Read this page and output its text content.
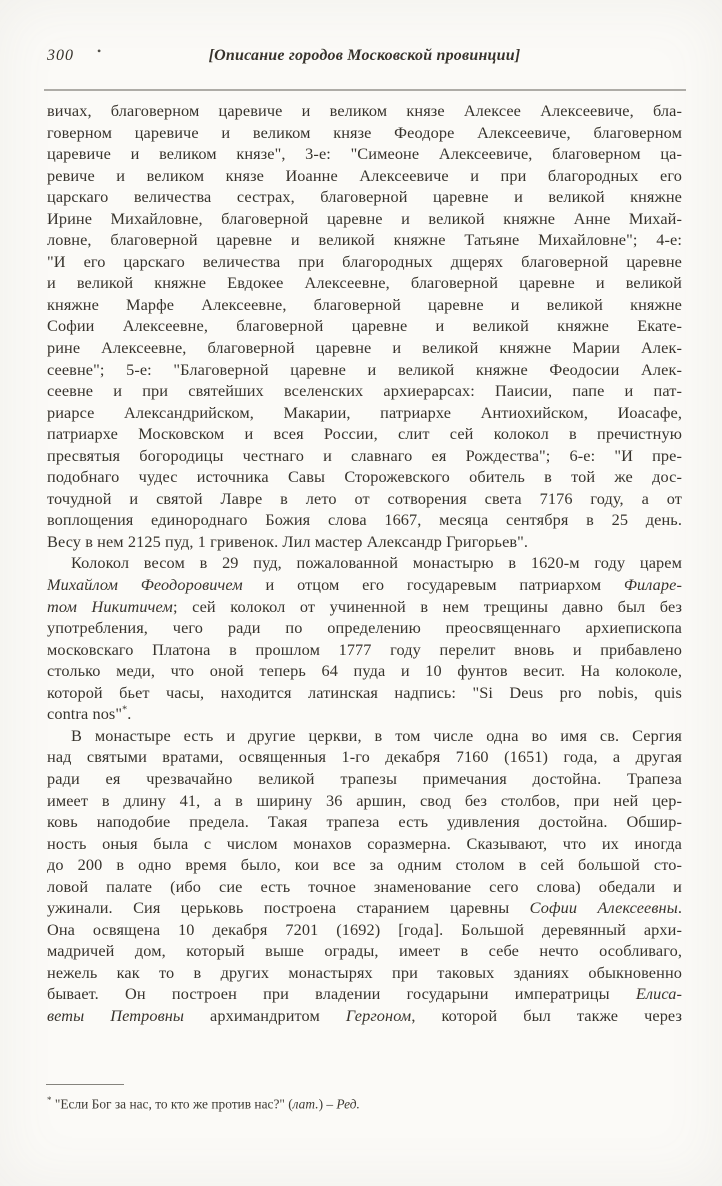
300 •	[Описание городов Московской провинции]
вичах, благоверном царевиче и великом князе Алексее Алексеевиче, бла-
говерном царевиче и великом князе Феодоре Алексеевиче, благоверном
царевиче и великом князе", 3-е: "Симеоне Алексеевиче, благоверном ца-
ревиче и великом князе Иоанне Алексеевиче и при благородных его
царскаго величества сестрах, благоверной царевне и великой княжне
Ирине Михайловне, благоверной царевне и великой княжне Анне Михай-
ловне, благоверной царевне и великой княжне Татьяне Михайловне"; 4-е:
"И его царскаго величества при благородных дщерях благоверной царевне
и великой княжне Евдокее Алексеевне, благоверной царевне и великой
княжне Марфе Алексеевне, благоверной царевне и великой княжне
Софии Алексеевне, благоверной царевне и великой княжне Екате-
рине Алексеевне, благоверной царевне и великой княжне Марии Алек-
сеевне"; 5-е: "Благоверной царевне и великой княжне Феодосии Алек-
сеевне и при святейших вселенских архиерарсах: Паисии, папе и пат-
риарсе Александрийском, Макарии, патриархе Антиохийском, Иоасафе,
патриархе Московском и всея России, слит сей колокол в пречистную
пресвятыя богородицы честнаго и славнаго ея Рождества"; 6-е: "И пре-
подобнаго чудес источника Савы Сторожевского обитель в той же дос-
точудной и святой Лавре в лето от сотворения света 7176 году, а от
воплощения единороднаго Божия слова 1667, месяца сентября в 25 день.
Весу в нем 2125 пуд, 1 гривенок. Лил мастер Александр Григорьев".
Колокол весом в 29 пуд, пожалованной монастырю в 1620-м году царем
Михайлом Феодоровичем и отцом его государевым патриархом Филаре-
том Никитичем; сей колокол от учиненной в нем трещины давно был без
употребления, чего ради по определению преосвященнаго архиепископа
московскаго Платона в прошлом 1777 году перелит вновь и прибавлено
столько меди, что оной теперь 64 пуда и 10 фунтов весит. На колоколе,
которой бьет часы, находится латинская надпись: "Si Deus pro nobis, quis
contra nos"*.
В монастыре есть и другие церкви, в том числе одна во имя св. Сергия
над святыми вратами, освященныя 1-го декабря 7160 (1651) года, а другая
ради ея чрезвачайно великой трапезы примечания достойна. Трапеза
имеет в длину 41, а в ширину 36 аршин, свод без столбов, при ней цер-
ковь наподобие предела. Такая трапеза есть удивления достойна. Обшир-
ность оныя была с числом монахов соразмерна. Сказывают, что их иногда
до 200 в одно время было, кои все за одним столом в сей большой сто-
ловой палате (ибо сие есть точное знаменование сего слова) обедали и
ужинали. Сия церьковь построена старанием царевны Софии Алексеевны.
Она освящена 10 декабря 7201 (1692) [года]. Большой деревянный архи-
мадричей дом, который выше ограды, имеет в себе нечто особливаго,
нежель как то в других монастырях при таковых зданиях обыкновенно
бывает. Он построен при владении государыни императрицы Елиса-
веты Петровны архимандритом Гергоном, которой был также через
* "Если Бог за нас, то кто же против нас?" (лат.) – Ред.
